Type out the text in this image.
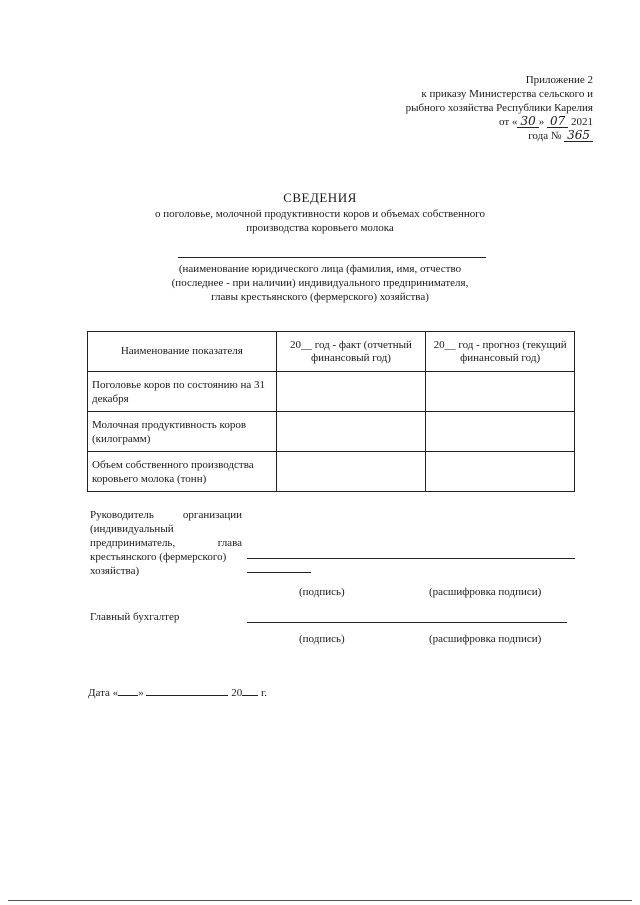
Приложение 2
к приказу Министерства сельского и
рыбного хозяйства Республики Карелия
от « 30 » 07 2021
года № 365
СВЕДЕНИЯ
о поголовье, молочной продуктивности коров и объемах собственного
производства коровьего молока
(наименование юридического лица (фамилия, имя, отчество
(последнее - при наличии) индивидуального предпринимателя,
главы крестьянского (фермерского) хозяйства)
Наименование показателя	20__ год - факт (отчетный финансовый год)	20__ год - прогноз (текущий финансовый год)
Поголовье коров по состоянию на 31 декабря		
Молочная продуктивность коров (килограмм)		
Объем собственного производства коровьего молока (тонн)		
Руководитель организации
(индивидуальный
предприниматель, глава
крестьянского (фермерского)
хозяйства)
(подпись)	(расшифровка подписи)
Главный бухгалтер
(подпись)	(расшифровка подписи)
Дата « »	20 г.
